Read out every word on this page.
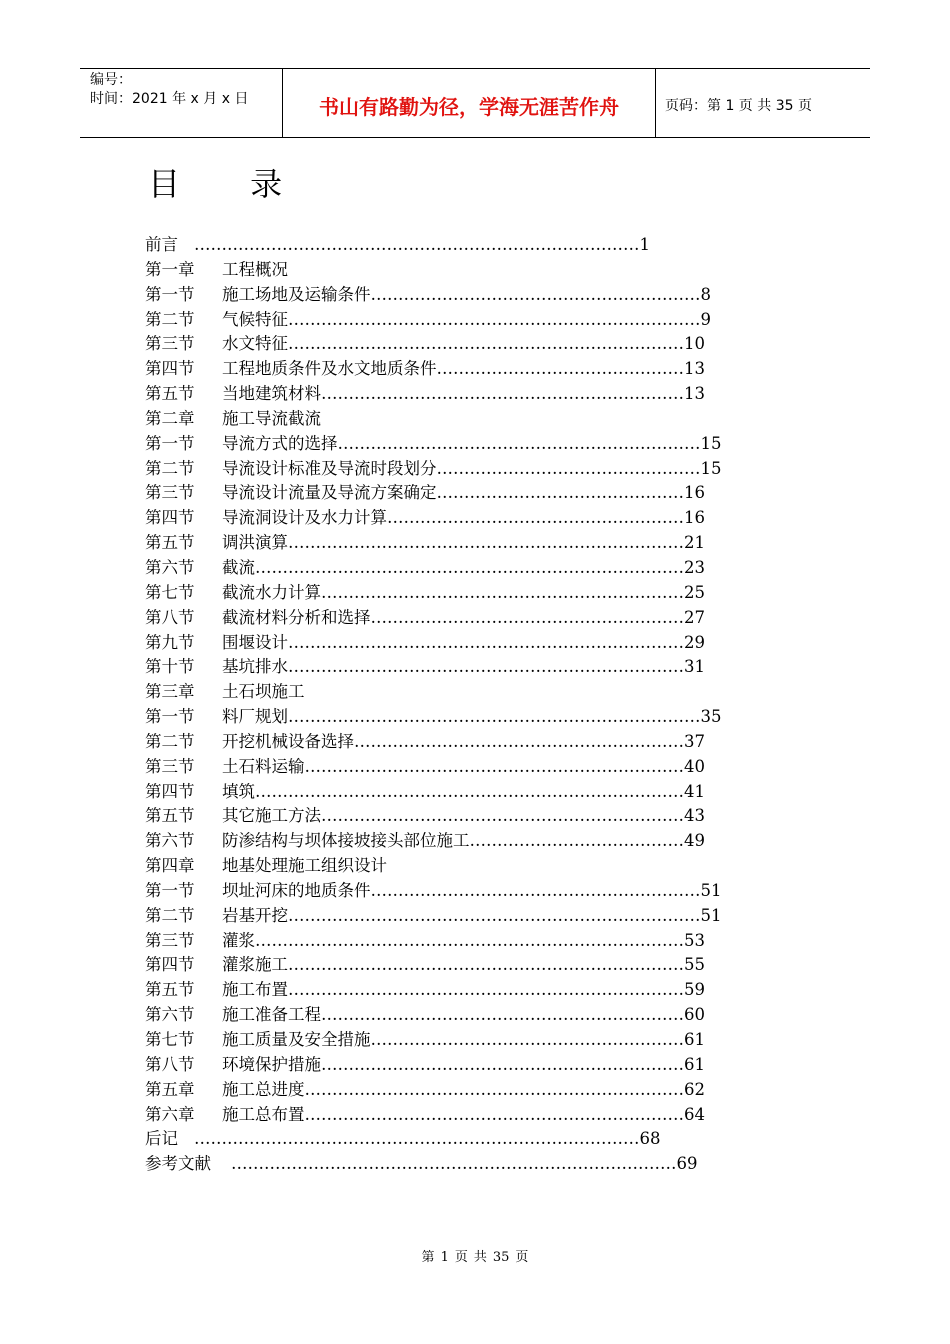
编号：
时间：2021 年 x 月 x 日	书山有路勤为径，学海无涯苦作舟	页码：第 1 页 共 35 页
目 录
前言 ………………………………………………………………………1
第一章 工程概况
第一节 施工场地及运输条件……………………………………………………8
第二节 气候特征…………………………………………………………………9
第三节 水文特征………………………………………………………………10
第四节 工程地质条件及水文地质条件………………………………………13
第五节 当地建筑材料…………………………………………………………13
第二章 施工导流截流
第一节 导流方式的选择…………………………………………………………15
第二节 导流设计标准及导流时段划分…………………………………………15
第三节 导流设计流量及导流方案确定………………………………………16
第四节 导流洞设计及水力计算………………………………………………16
第五节 调洪演算………………………………………………………………21
第六节 截流……………………………………………………………………23
第七节 截流水力计算…………………………………………………………25
第八节 截流材料分析和选择…………………………………………………27
第九节 围堰设计………………………………………………………………29
第十节 基坑排水………………………………………………………………31
第三章 土石坝施工
第一节 料厂规划…………………………………………………………………35
第二节 开挖机械设备选择……………………………………………………37
第三节 土石料运输……………………………………………………………40
第四节 填筑……………………………………………………………………41
第五节 其它施工方法…………………………………………………………43
第六节 防渗结构与坝体接坡接头部位施工…………………………………49
第四章 地基处理施工组织设计
第一节 坝址河床的地质条件……………………………………………………51
第二节 岩基开挖…………………………………………………………………51
第三节 灌浆……………………………………………………………………53
第四节 灌浆施工………………………………………………………………55
第五节 施工布置………………………………………………………………59
第六节 施工准备工程…………………………………………………………60
第七节 施工质量及安全措施…………………………………………………61
第八节 环境保护措施…………………………………………………………61
第五章 施工总进度……………………………………………………………62
第六章 施工总布置……………………………………………………………64
后记 ………………………………………………………………………68
参考文献 ………………………………………………………………………69
第 1 页 共 35 页
